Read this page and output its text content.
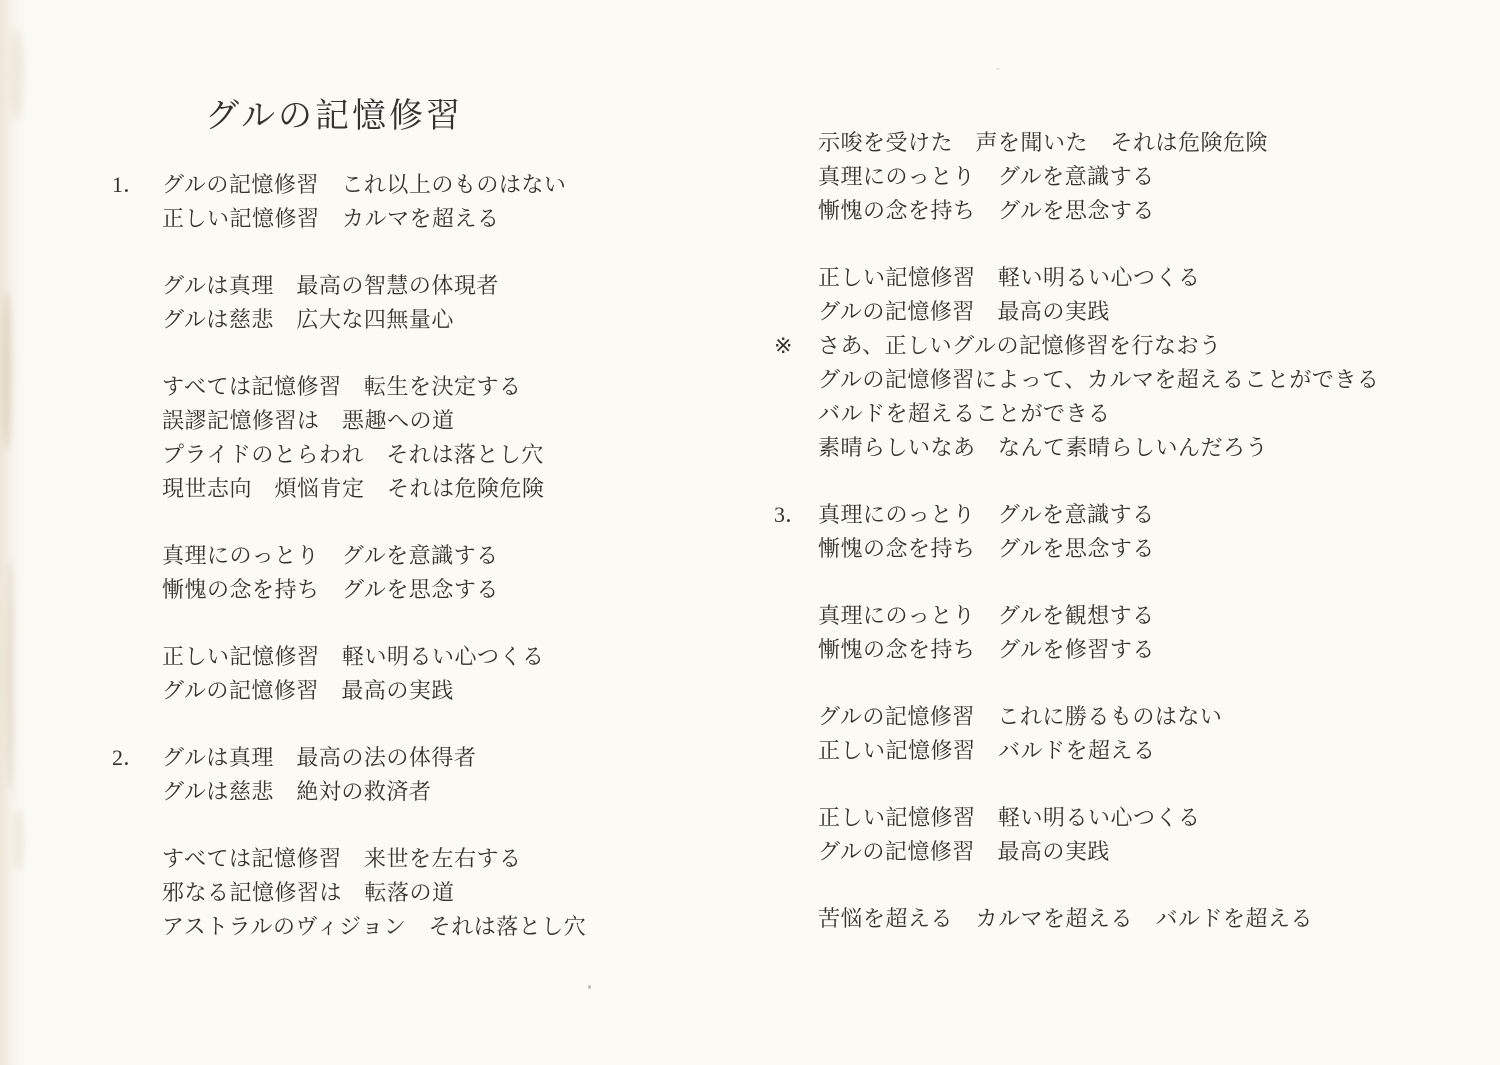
グルの記憶修習
1． グルの記憶修習　これ以上のものはない
正しい記憶修習　カルマを超える
グルは真理　最高の智慧の体現者
グルは慈悲　広大な四無量心
すべては記憶修習　転生を決定する
誤謬記憶修習は　悪趣への道
プライドのとらわれ　それは落とし穴
現世志向　煩悩肯定　それは危険危険
真理にのっとり　グルを意識する
慚愧の念を持ち　グルを思念する
正しい記憶修習　軽い明るい心つくる
グルの記憶修習　最高の実践
2． グルは真理　最高の法の体得者
グルは慈悲　絶対の救済者
すべては記憶修習　来世を左右する
邪なる記憶修習は　転落の道
アストラルのヴィジョン　それは落とし穴
示唆を受けた　声を聞いた　それは危険危険
真理にのっとり　グルを意識する
慚愧の念を持ち　グルを思念する
正しい記憶修習　軽い明るい心つくる
グルの記憶修習　最高の実践
※ さあ、正しいグルの記憶修習を行なおう
グルの記憶修習によって、カルマを超えることができる
バルドを超えることができる
素晴らしいなあ　なんて素晴らしいんだろう
3． 真理にのっとり　グルを意識する
慚愧の念を持ち　グルを思念する
真理にのっとり　グルを観想する
慚愧の念を持ち　グルを修習する
グルの記憶修習　これに勝るものはない
正しい記憶修習　バルドを超える
正しい記憶修習　軽い明るい心つくる
グルの記憶修習　最高の実践
苦悩を超える　カルマを超える　バルドを超える
